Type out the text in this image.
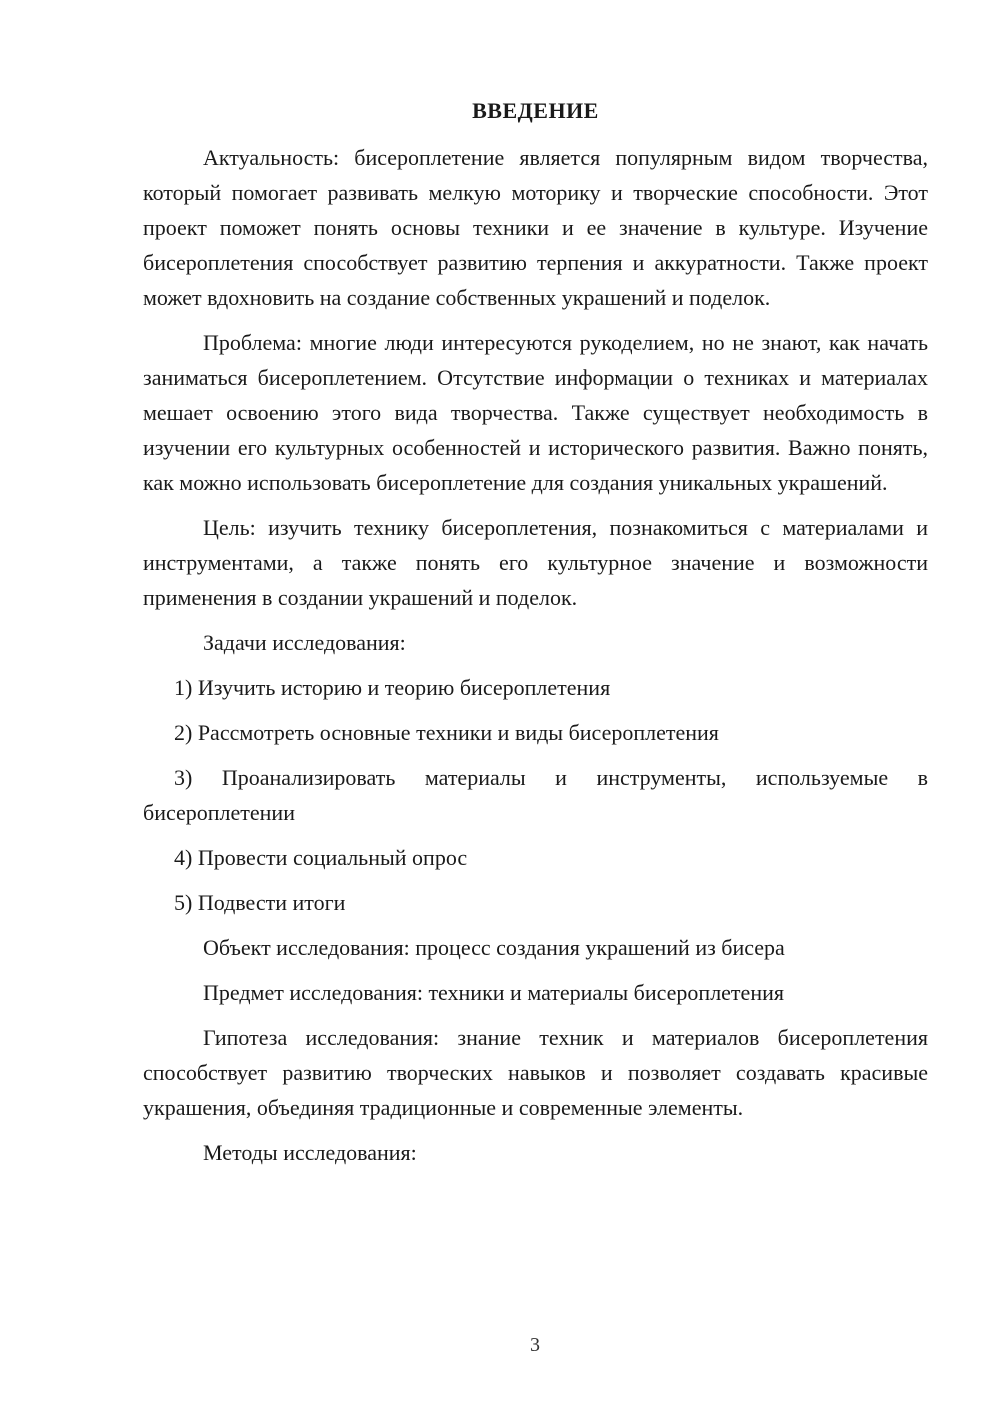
ВВЕДЕНИЕ

Актуальность: бисероплетение является популярным видом творчества, который помогает развивать мелкую моторику и творческие способности. Этот проект поможет понять основы техники и ее значение в культуре. Изучение бисероплетения способствует развитию терпения и аккуратности. Также проект может вдохновить на создание собственных украшений и поделок.

Проблема: многие люди интересуются рукоделием, но не знают, как начать заниматься бисероплетением. Отсутствие информации о техниках и материалах мешает освоению этого вида творчества. Также существует необходимость в изучении его культурных особенностей и исторического развития. Важно понять, как можно использовать бисероплетение для создания уникальных украшений.

Цель: изучить технику бисероплетения, познакомиться с материалами и инструментами, а также понять его культурное значение и возможности применения в создании украшений и поделок.

Задачи исследования:

1) Изучить историю и теорию бисероплетения

2) Рассмотреть основные техники и виды бисероплетения

3) Проанализировать материалы и инструменты, используемые в бисероплетении

4) Провести социальный опрос

5) Подвести итоги

Объект исследования: процесс создания украшений из бисера

Предмет исследования: техники и материалы бисероплетения

Гипотеза исследования: знание техник и материалов бисероплетения способствует развитию творческих навыков и позволяет создавать красивые украшения, объединяя традиционные и современные элементы.

Методы исследования:

3
